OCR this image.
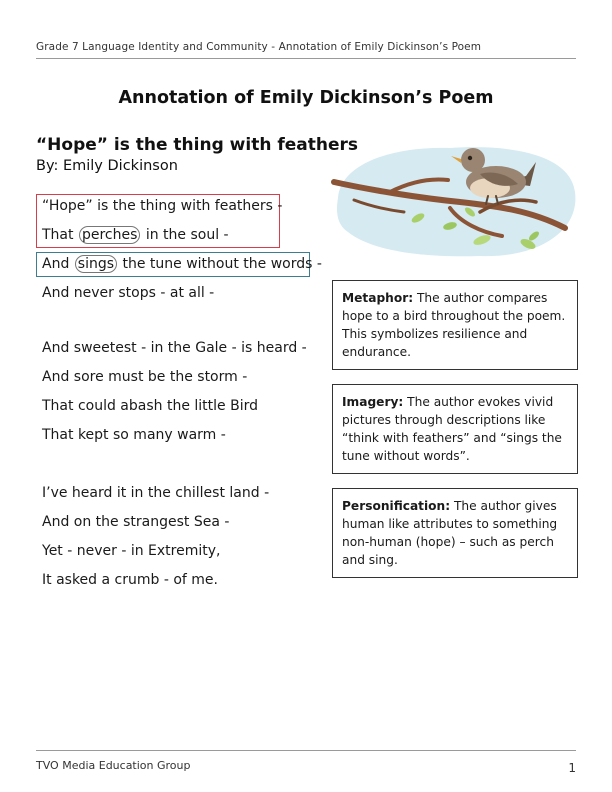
Grade 7 Language Identity and Community - Annotation of Emily Dickinson’s Poem
Annotation of Emily Dickinson’s Poem
“Hope” is the thing with feathers
By: Emily Dickinson
“Hope” is the thing with feathers -
That perches in the soul -
And sings the tune without the words -
And never stops - at all -
And sweetest - in the Gale - is heard -
And sore must be the storm -
That could abash the little Bird
That kept so many warm -
I’ve heard it in the chillest land -
And on the strangest Sea -
Yet - never - in Extremity,
It asked a crumb - of me.
Metaphor: The author compares hope to a bird throughout the poem. This symbolizes resilience and endurance.
Imagery: The author evokes vivid pictures through descriptions like “think with feathers” and “sings the tune without words”.
Personification: The author gives human like attributes to something non-human (hope) – such as perch and sing.
TVO Media Education Group	1
